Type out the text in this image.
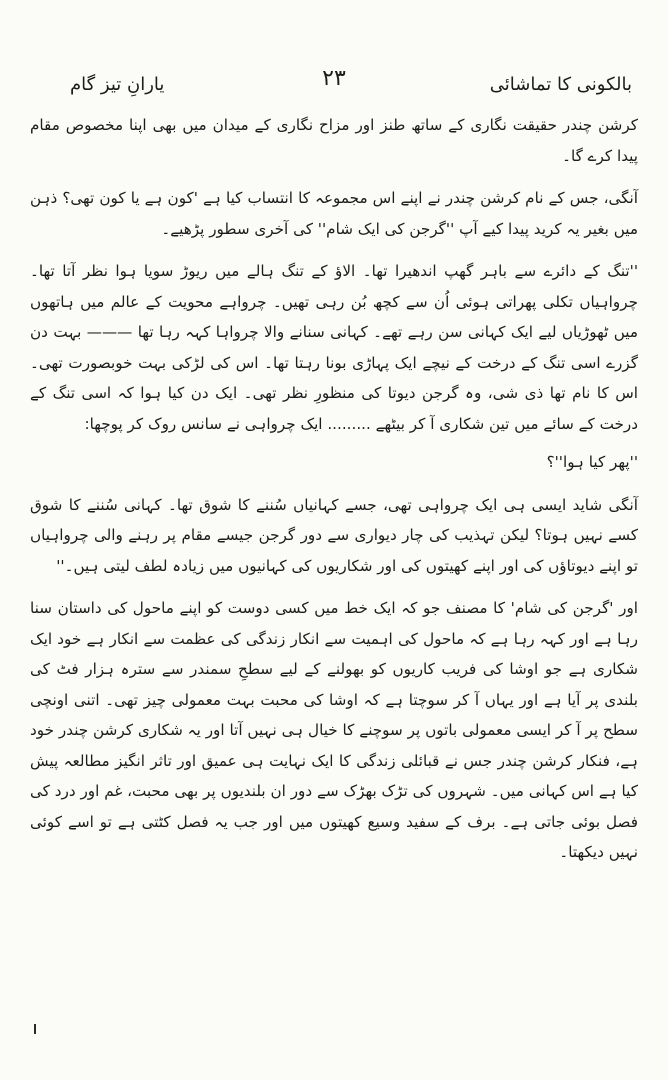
بالکونی کا تماشائی
۲۳
یارانِ تیز گام

کرشن چندر حقیقت نگاری کے ساتھ طنز اور مزاح نگاری کے میدان میں بھی اپنا مخصوص مقام پیدا کرے گا۔

آنگی، جس کے نام کرشن چندر نے اپنے اس مجموعہ کا انتساب کیا ہے 'کون ہے یا کون تھی؟ ذہن میں بغیر یہ کرید پیدا کیے آپ ''گرجن کی ایک شام'' کی آخری سطور پڑھیے۔

''تنگ کے دائرے سے باہر گھپ اندھیرا تھا۔ الاؤ کے تنگ ہالے میں ریوڑ سویا ہوا نظر آتا تھا۔ چرواہیاں تکلی پھراتی ہوئی اُن سے کچھ بُن رہی تھیں۔ چرواہے محویت کے عالم میں ہاتھوں میں ٹھوڑیاں لیے ایک کہانی سن رہے تھے۔ کہانی سنانے والا چرواہا کہہ رہا تھا ——— بہت دن گزرے اسی تنگ کے درخت کے نیچے ایک پہاڑی بونا رہتا تھا۔ اس کی لڑکی بہت خوبصورت تھی۔ اس کا نام تھا ذی شی، وہ گرجن دیوتا کی منظورِ نظر تھی۔ ایک دن کیا ہوا کہ اسی تنگ کے درخت کے سائے میں تین شکاری آ کر بیٹھے ......... ایک چرواہی نے سانس روک کر پوچھا:

''پھر کیا ہوا''؟

آنگی شاید ایسی ہی ایک چرواہی تھی، جسے کہانیاں سُننے کا شوق تھا۔ کہانی سُننے کا شوق کسے نہیں ہوتا؟ لیکن تہذیب کی چار دیواری سے دور گرجن جیسے مقام پر رہنے والی چرواہیاں تو اپنے دیوتاؤں کی اور اپنے کھیتوں کی اور شکاریوں کی کہانیوں میں زیادہ لطف لیتی ہیں۔''

اور 'گرجن کی شام' کا مصنف جو کہ ایک خط میں کسی دوست کو اپنے ماحول کی داستان سنا رہا ہے اور کہہ رہا ہے کہ ماحول کی اہمیت سے انکار زندگی کی عظمت سے انکار ہے خود ایک شکاری ہے جو اوشا کی فریب کاریوں کو بھولنے کے لیے سطحِ سمندر سے سترہ ہزار فٹ کی بلندی پر آیا ہے اور یہاں آ کر سوچتا ہے کہ اوشا کی محبت بہت معمولی چیز تھی۔ اتنی اونچی سطح پر آ کر ایسی معمولی باتوں پر سوچنے کا خیال ہی نہیں آتا اور یہ شکاری کرشن چندر خود ہے، فنکار کرشن چندر جس نے قبائلی زندگی کا ایک نہایت ہی عمیق اور تاثر انگیز مطالعہ پیش کیا ہے اس کہانی میں۔ شہروں کی تڑک بھڑک سے دور ان بلندیوں پر بھی محبت، غم اور درد کی فصل بوئی جاتی ہے۔ برف کے سفید وسیع کھیتوں میں اور جب یہ فصل کٹتی ہے تو اسے کوئی نہیں دیکھتا۔
